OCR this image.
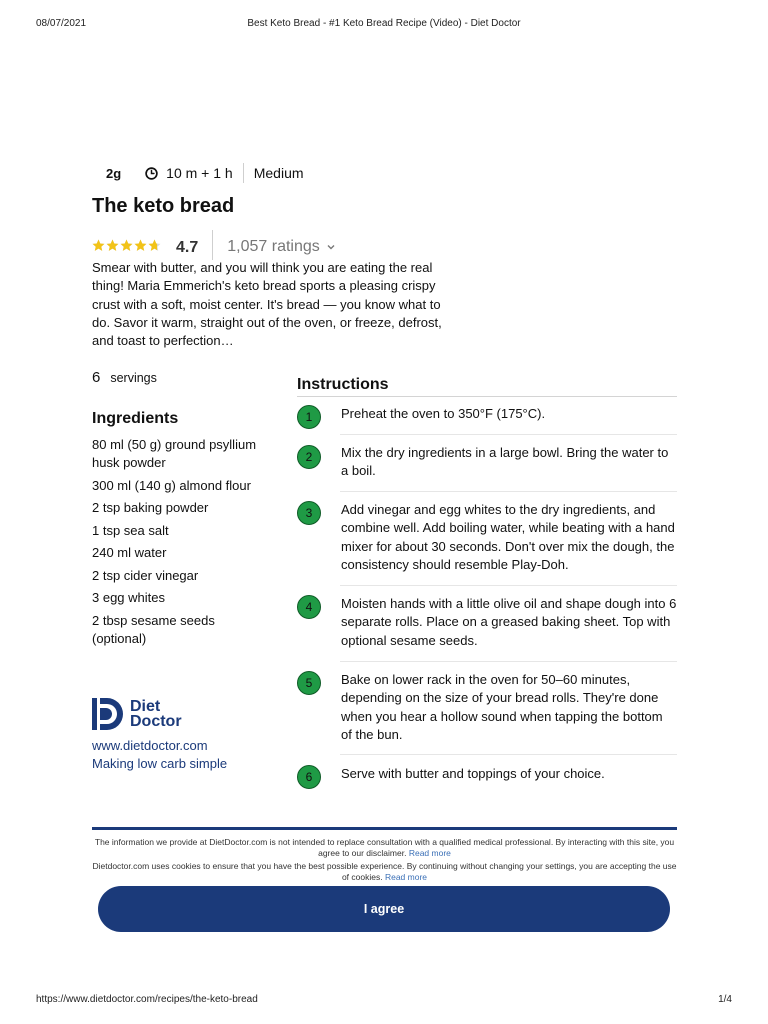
08/07/2021	Best Keto Bread - #1 Keto Bread Recipe (Video) - Diet Doctor
https://www.dietdoctor.com/recipes/the-keto-bread	1/4
2g	10 m + 1 h Medium
The keto bread
4.7 1,057 ratings

Smear with butter, and you will think you are eating the real thing! Maria Emmerich's keto bread sports a pleasing crispy crust with a soft, moist center. It's bread — you know what to do. Savor it warm, straight out of the oven, or freeze, defrost, and toast to perfection…

6 servings
Ingredients
80 ml (50 g) ground psyllium husk powder
300 ml (140 g) almond flour
2 tsp baking powder
1 tsp sea salt
240 ml water
2 tsp cider vinegar
3 egg whites
2 tbsp sesame seeds (optional)
Diet
Doctor
www.dietdoctor.com
Making low carb simple
Instructions
1	Preheat the oven to 350°F (175°C).
2	Mix the dry ingredients in a large bowl. Bring the water to a boil.
3	Add vinegar and egg whites to the dry ingredients, and combine well. Add boiling water, while beating with a hand mixer for about 30 seconds. Don't over mix the dough, the consistency should resemble Play-Doh.
4	Moisten hands with a little olive oil and shape dough into 6 separate rolls. Place on a greased baking sheet. Top with optional sesame seeds.
5	Bake on lower rack in the oven for 50–60 minutes, depending on the size of your bread rolls. They're done when you hear a hollow sound when tapping the bottom of the bun.
6	Serve with butter and toppings of your choice.

The information we provide at DietDoctor.com is not intended to replace consultation with a qualified medical professional. By interacting with this site, you agree to our disclaimer. Read more

Dietdoctor.com uses cookies to ensure that you have the best possible experience. By continuing without changing your settings, you are accepting the use of cookies. Read more

I agree
